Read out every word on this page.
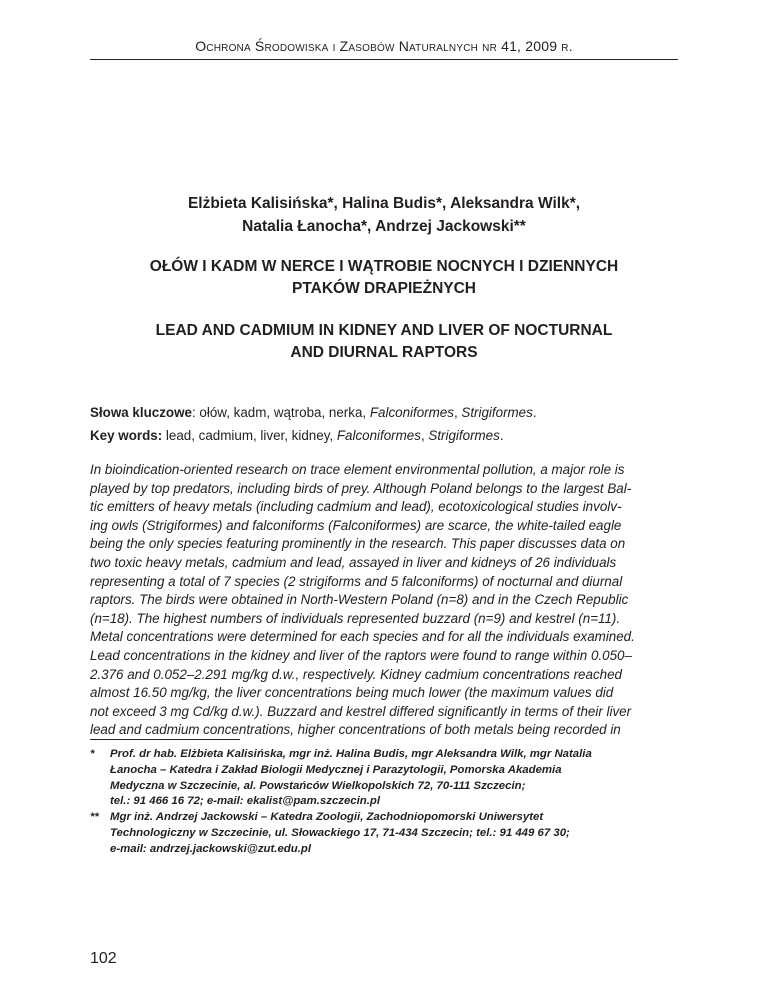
Ochrona Środowiska i Zasobów Naturalnych nr 41, 2009 r.
Elżbieta Kalisińska*, Halina Budis*, Aleksandra Wilk*,
Natalia Łanocha*, Andrzej Jackowski**
OŁÓW I KADM W NERCE I WĄTROBIE NOCNYCH I DZIENNYCH
PTAKÓW DRAPIEŻNYCH
LEAD AND CADMIUM IN KIDNEY AND LIVER OF NOCTURNAL
AND DIURNAL RAPTORS
Słowa kluczowe: ołów, kadm, wątroba, nerka, Falconiformes, Strigiformes.
Key words: lead, cadmium, liver, kidney, Falconiformes, Strigiformes.
In bioindication-oriented research on trace element environmental pollution, a major role is
played by top predators, including birds of prey. Although Poland belongs to the largest Bal-
tic emitters of heavy metals (including cadmium and lead), ecotoxicological studies involv-
ing owls (Strigiformes) and falconiforms (Falconiformes) are scarce, the white-tailed eagle
being the only species featuring prominently in the research. This paper discusses data on
two toxic heavy metals, cadmium and lead, assayed in liver and kidneys of 26 individuals
representing a total of 7 species (2 strigiforms and 5 falconiforms) of nocturnal and diurnal
raptors. The birds were obtained in North-Western Poland (n=8) and in the Czech Republic
(n=18). The highest numbers of individuals represented buzzard (n=9) and kestrel (n=11).
Metal concentrations were determined for each species and for all the individuals examined.
Lead concentrations in the kidney and liver of the raptors were found to range within 0.050–
2.376 and 0.052–2.291 mg/kg d.w., respectively. Kidney cadmium concentrations reached
almost 16.50 mg/kg, the liver concentrations being much lower (the maximum values did
not exceed 3 mg Cd/kg d.w.). Buzzard and kestrel differed significantly in terms of their liver
lead and cadmium concentrations, higher concentrations of both metals being recorded in
* Prof. dr hab. Elżbieta Kalisińska, mgr inż. Halina Budis, mgr Aleksandra Wilk, mgr Natalia
Łanocha – Katedra i Zakład Biologii Medycznej i Parazytologii, Pomorska Akademia
Medyczna w Szczecinie, al. Powstańców Wielkopolskich 72, 70-111 Szczecin;
tel.: 91 466 16 72; e-mail: ekalist@pam.szczecin.pl
** Mgr inż. Andrzej Jackowski – Katedra Zoologii, Zachodniopomorski Uniwersytet
Technologiczny w Szczecinie, ul. Słowackiego 17, 71-434 Szczecin; tel.: 91 449 67 30;
e-mail: andrzej.jackowski@zut.edu.pl
102
